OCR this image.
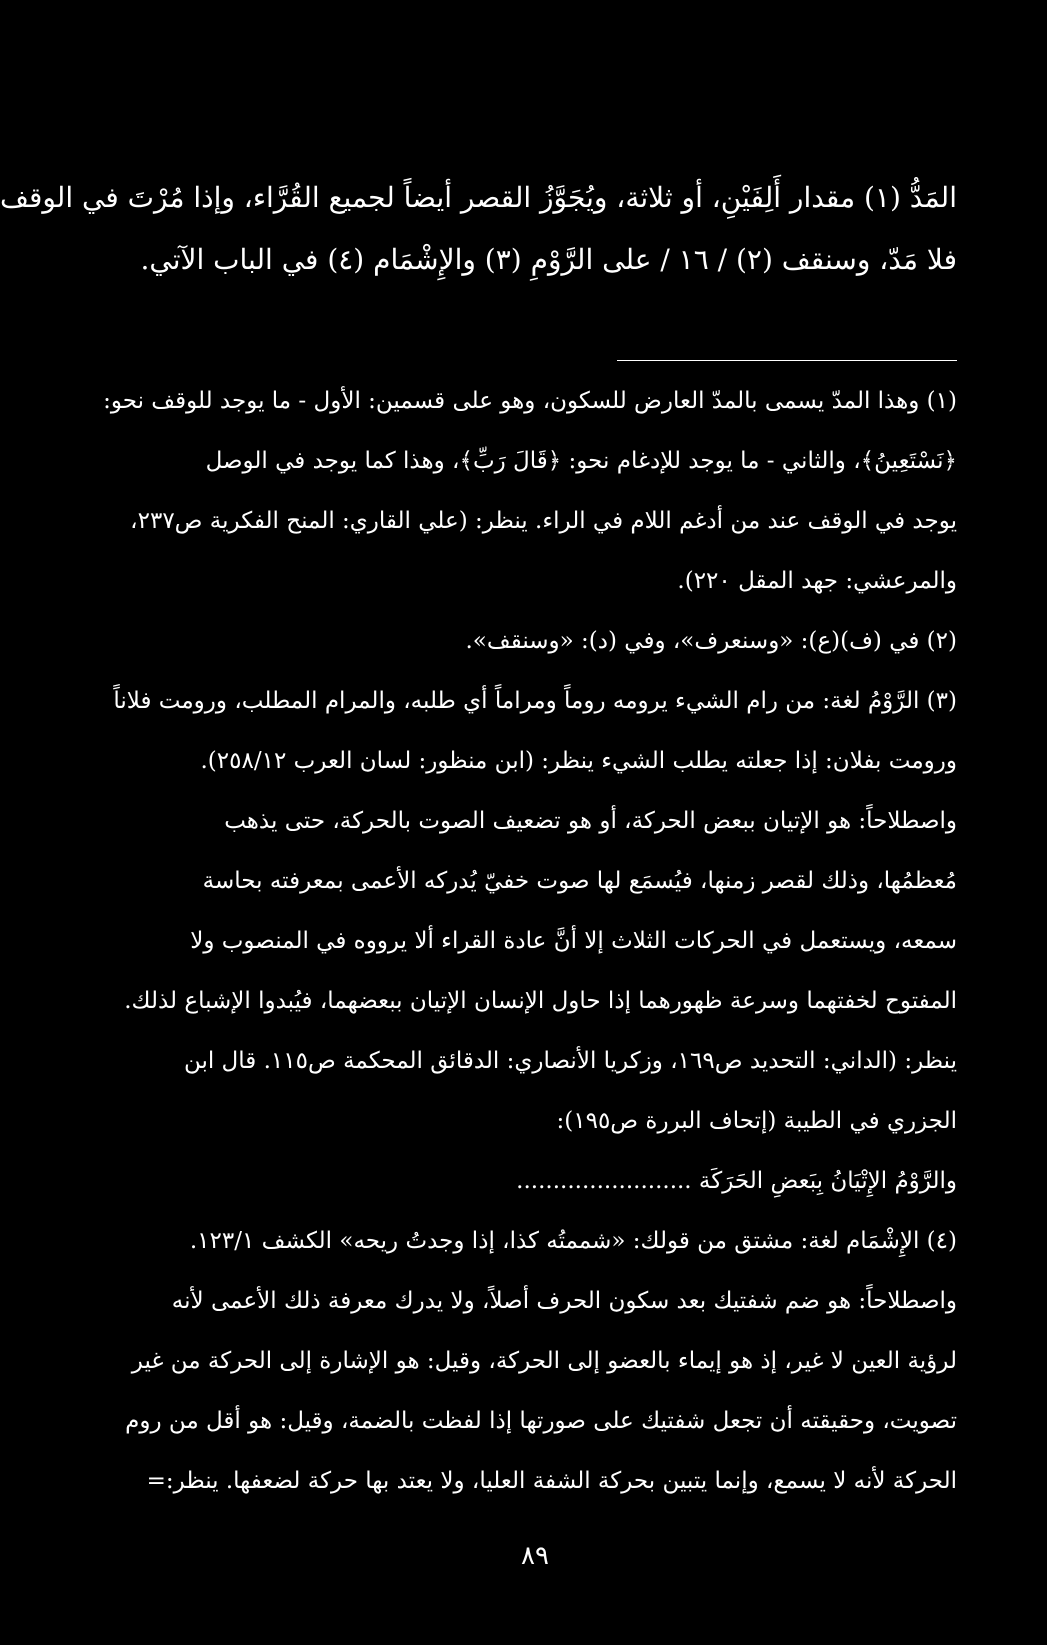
المَدُّ (١) مقدار أَلِفَيْنِ، أو ثلاثة، ويُجَوَّزُ القصر أيضاً لجميع القُرَّاء، وإذا مُرْتَ في الوقف
فلا مَدّ، وسنقف (٢) / ١٦ / على الرَّوْمِ (٣) والإِشْمَام (٤) في الباب الآتي.
(١) وهذا المدّ يسمى بالمدّ العارض للسكون، وهو على قسمين: الأول - ما يوجد للوقف نحو:
﴿نَسْتَعِينُ﴾، والثاني - ما يوجد للإدغام نحو: ﴿قَالَ رَبِّ﴾، وهذا كما يوجد في الوصل
يوجد في الوقف عند من أدغم اللام في الراء. ينظر: (علي القاري: المنح الفكرية ص٢٣٧،
والمرعشي: جهد المقل ٢٢٠).
(٢) في (ف)(ع): «وسنعرف»، وفي (د): «وسنقف».
(٣) الرَّوْمُ لغة: من رام الشيء يرومه روماً ومراماً أي طلبه، والمرام المطلب، ورومت فلاناً
ورومت بفلان: إذا جعلته يطلب الشيء ينظر: (ابن منظور: لسان العرب ٢٥٨/١٢).
واصطلاحاً: هو الإتيان ببعض الحركة، أو هو تضعيف الصوت بالحركة، حتى يذهب
مُعظمُها، وذلك لقصر زمنها، فيُسمَع لها صوت خفيّ يُدركه الأعمى بمعرفته بحاسة
سمعه، ويستعمل في الحركات الثلاث إلا أنَّ عادة القراء ألا يرووه في المنصوب ولا
المفتوح لخفتهما وسرعة ظهورهما إذا حاول الإنسان الإتيان ببعضهما، فيُبدوا الإشباع لذلك.
ينظر: (الداني: التحديد ص١٦٩، وزكريا الأنصاري: الدقائق المحكمة ص١١٥. قال ابن
الجزري في الطيبة (إتحاف البررة ص١٩٥):
والرَّوْمُ الإِتْيَانُ بِبَعضِ الحَرَكَة ........................
(٤) الإِشْمَام لغة: مشتق من قولك: «شممتُه كذا، إذا وجدتُ ريحه» الكشف ١٢٣/١.
واصطلاحاً: هو ضم شفتيك بعد سكون الحرف أصلاً، ولا يدرك معرفة ذلك الأعمى لأنه
لرؤية العين لا غير، إذ هو إيماء بالعضو إلى الحركة، وقيل: هو الإشارة إلى الحركة من غير
تصويت، وحقيقته أن تجعل شفتيك على صورتها إذا لفظت بالضمة، وقيل: هو أقل من روم
الحركة لأنه لا يسمع، وإنما يتبين بحركة الشفة العليا، ولا يعتد بها حركة لضعفها. ينظر:=
٨٩
